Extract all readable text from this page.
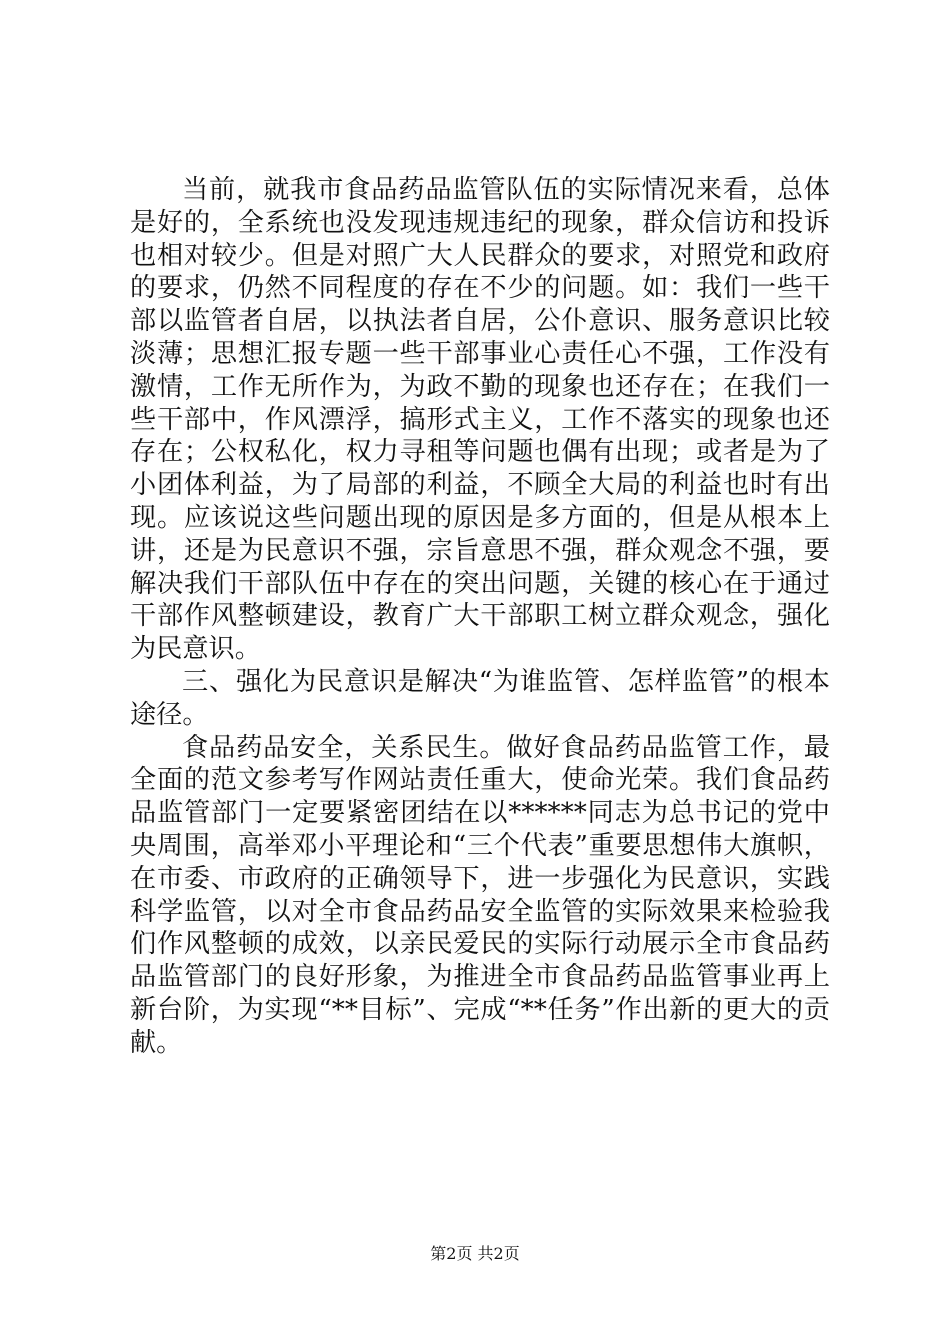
当前，就我市食品药品监管队伍的实际情况来看，总体是好的，全系统也没发现违规违纪的现象，群众信访和投诉也相对较少。但是对照广大人民群众的要求，对照党和政府的要求，仍然不同程度的存在不少的问题。如：我们一些干部以监管者自居，以执法者自居，公仆意识、服务意识比较淡薄；思想汇报专题一些干部事业心责任心不强，工作没有激情，工作无所作为，为政不勤的现象也还存在；在我们一些干部中，作风漂浮，搞形式主义，工作不落实的现象也还存在；公权私化，权力寻租等问题也偶有出现；或者是为了小团体利益，为了局部的利益，不顾全大局的利益也时有出现。应该说这些问题出现的原因是多方面的，但是从根本上讲，还是为民意识不强，宗旨意思不强，群众观念不强，要解决我们干部队伍中存在的突出问题，关键的核心在于通过干部作风整顿建设，教育广大干部职工树立群众观念，强化为民意识。

三、强化为民意识是解决“为谁监管、怎样监管”的根本途径。

食品药品安全，关系民生。做好食品药品监管工作，最全面的范文参考写作网站责任重大，使命光荣。我们食品药品监管部门一定要紧密团结在以******同志为总书记的党中央周围，高举邓小平理论和“三个代表”重要思想伟大旗帜，在市委、市政府的正确领导下，进一步强化为民意识，实践科学监管，以对全市食品药品安全监管的实际效果来检验我们作风整顿的成效，以亲民爱民的实际行动展示全市食品药品监管部门的良好形象，为推进全市食品药品监管事业再上新台阶，为实现“**目标”、完成“**任务”作出新的更大的贡献。

第2页 共2页
